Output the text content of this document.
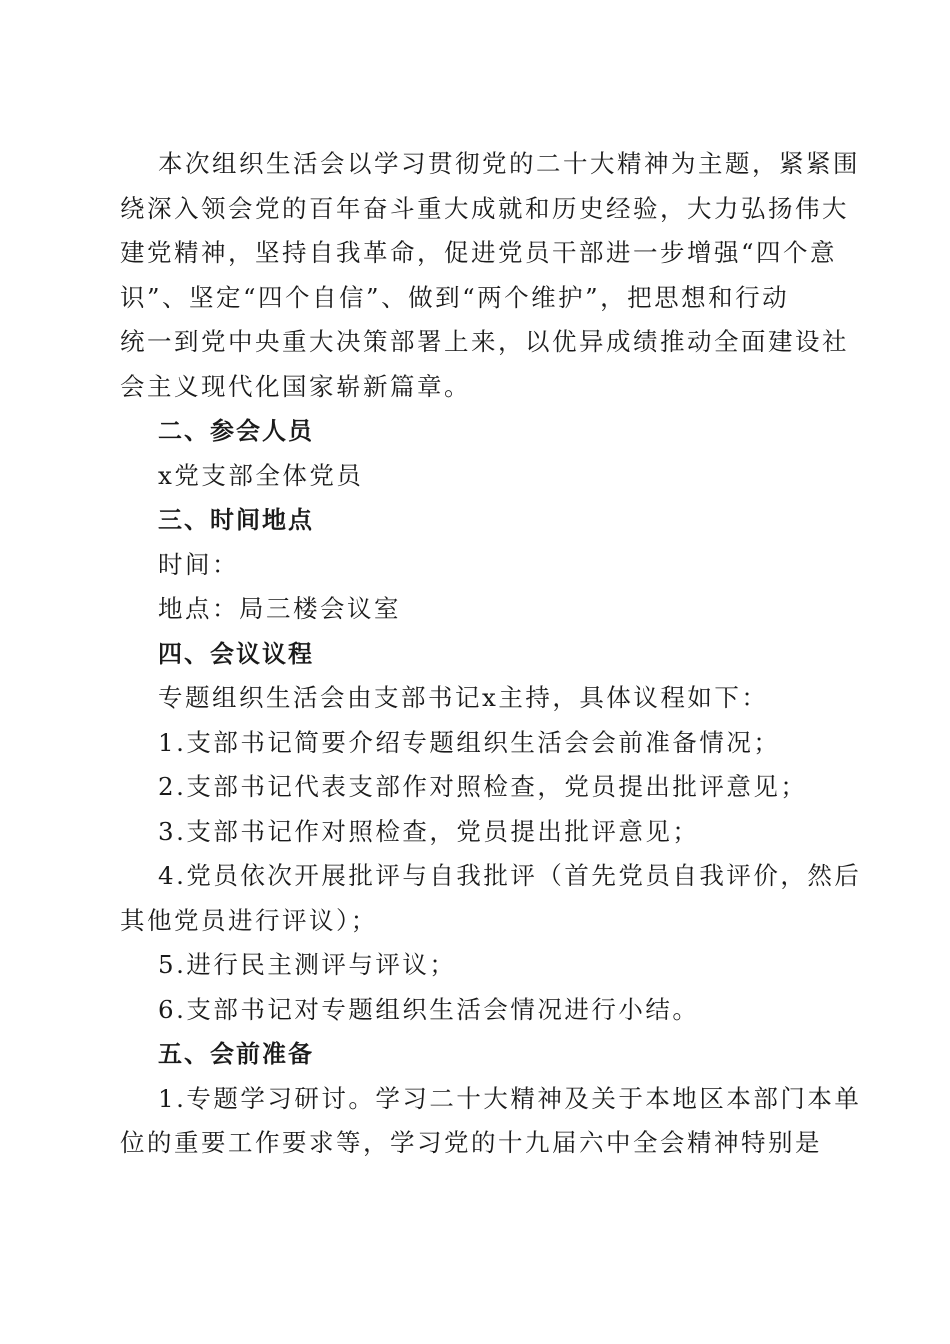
本次组织生活会以学习贯彻党的二十大精神为主题，紧紧围
绕深入领会党的百年奋斗重大成就和历史经验，大力弘扬伟大
建党精神，坚持自我革命，促进党员干部进一步增强“四个意
识”、坚定“四个自信”、做到“两个维护”，把思想和行动
统一到党中央重大决策部署上来，以优异成绩推动全面建设社
会主义现代化国家崭新篇章。
二、参会人员
x党支部全体党员
三、时间地点
时间：
地点：局三楼会议室
四、会议议程
专题组织生活会由支部书记x主持，具体议程如下：
1.支部书记简要介绍专题组织生活会会前准备情况；
2.支部书记代表支部作对照检查，党员提出批评意见；
3.支部书记作对照检查，党员提出批评意见；
4.党员依次开展批评与自我批评（首先党员自我评价，然后
其他党员进行评议）；
5.进行民主测评与评议；
6.支部书记对专题组织生活会情况进行小结。
五、会前准备
1.专题学习研讨。学习二十大精神及关于本地区本部门本单
位的重要工作要求等，学习党的十九届六中全会精神特别是
